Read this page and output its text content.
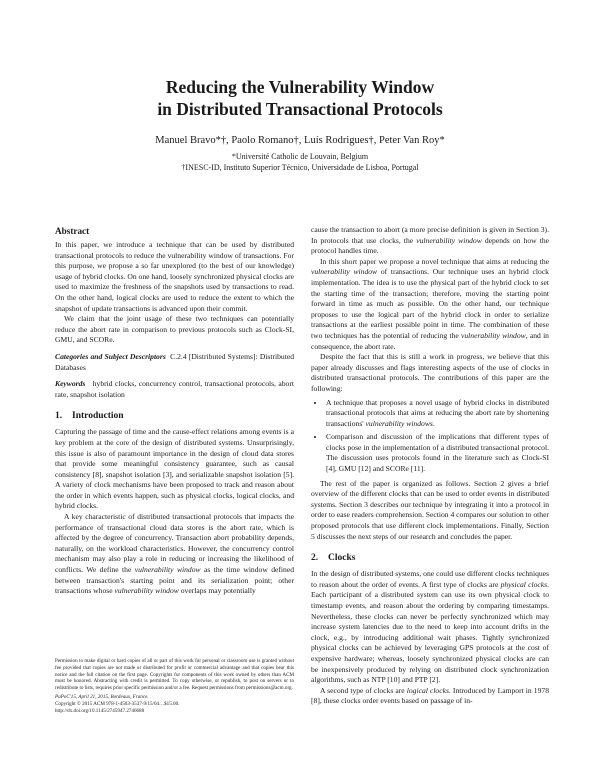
Reducing the Vulnerability Window
in Distributed Transactional Protocols
Manuel Bravo*†, Paolo Romano†, Luís Rodrigues†, Peter Van Roy*
*Université Catholic de Louvain, Belgium
†INESC-ID, Instituto Superior Técnico, Universidade de Lisboa, Portugal
Abstract

In this paper, we introduce a technique that can be used by distributed transactional protocols to reduce the vulnerability window of transactions. For this purpose, we propose a so far unexplored (to the best of our knowledge) usage of hybrid clocks. On one hand, loosely synchronized physical clocks are used to maximize the freshness of the snapshots used by transactions to read. On the other hand, logical clocks are used to reduce the extent to which the snapshot of update transactions is advanced upon their commit.

We claim that the joint usage of these two techniques can potentially reduce the abort rate in comparison to previous protocols such as Clock-SI, GMU, and SCORe.

Categories and Subject Descriptors C.2.4 [Distributed Systems]: Distributed Databases

Keywords hybrid clocks, concurrency control, transactional protocols, abort rate, snapshot isolation

1. Introduction

Capturing the passage of time and the cause-effect relations among events is a key problem at the core of the design of distributed systems. Unsurprisingly, this issue is also of paramount importance in the design of cloud data stores that provide some meaningful consistency guarantee, such as causal consistency [8], snapshot isolation [3], and serializable snapshot isolation [5]. A variety of clock mechanisms have been proposed to track and reason about the order in which events happen, such as physical clocks, logical clocks, and hybrid clocks.

A key characteristic of distributed transactional protocols that impacts the performance of transactional cloud data stores is the abort rate, which is affected by the degree of concurrency. Transaction abort probability depends, naturally, on the workload characteristics. However, the concurrency control mechanism may also play a role in reducing or increasing the likelihood of conflicts. We define the vulnerability window as the time window defined between transaction's starting point and its serialization point; other transactions whose vulnerability window overlaps may potentially

Permission to make digital or hard copies of all or part of this work for personal or classroom use is granted without fee provided that copies are not made or distributed for profit or commercial advantage and that copies bear this notice and the full citation on the first page. Copyrights for components of this work owned by others than ACM must be honored. Abstracting with credit is permitted. To copy otherwise, or republish, to post on servers or to redistribute to lists, requires prior specific permission and/or a fee. Request permissions from permissions@acm.org.

PaPoC'15, April 21, 2015, Bordeaux, France.

Copyright © 2015 ACM 978-1-4503-3537-9/15/04…$15.00.

http://dx.doi.org/10.1145/2745947.2746688

cause the transaction to abort (a more precise definition is given in Section 3). In protocols that use clocks, the vulnerability window depends on how the protocol handles time.

In this short paper we propose a novel technique that aims at reducing the vulnerability window of transactions. Our technique uses an hybrid clock implementation. The idea is to use the physical part of the hybrid clock to set the starting time of the transaction; therefore, moving the starting point forward in time as much as possible. On the other hand, our technique proposes to use the logical part of the hybrid clock in order to serialize transactions at the earliest possible point in time. The combination of these two techniques has the potential of reducing the vulnerability window, and in consequence, the abort rate.

Despite the fact that this is still a work in progress, we believe that this paper already discusses and flags interesting aspects of the use of clocks in distributed transactional protocols. The contributions of this paper are the following:

• A technique that proposes a novel usage of hybrid clocks in distributed transactional protocols that aims at reducing the abort rate by shortening transactions' vulnerability windows.
• Comparison and discussion of the implications that different types of clocks pose in the implementation of a distributed transactional protocol. The discussion uses protocols found in the literature such as Clock-SI [4], GMU [12] and SCORe [11].

The rest of the paper is organized as follows. Section 2 gives a brief overview of the different clocks that can be used to order events in distributed systems. Section 3 describes our technique by integrating it into a protocol in order to ease readers comprehension. Section 4 compares our solution to other proposed protocols that use different clock implementations. Finally, Section 5 discusses the next steps of our research and concludes the paper.

2. Clocks

In the design of distributed systems, one could use different clocks techniques to reason about the order of events. A first type of clocks are physical clocks. Each participant of a distributed system can use its own physical clock to timestamp events, and reason about the ordering by comparing timestamps. Nevertheless, these clocks can never be perfectly synchronized which may increase system latencies due to the need to keep into account drifts in the clock, e.g., by introducing additional wait phases. Tightly synchronized physical clocks can be achieved by leveraging GPS protocols at the cost of expensive hardware; whereas, loosely synchronized physical clocks are can be inexpensively produced by relying on distributed clock synchronization algorithms, such as NTP [10] and PTP [2].

A second type of clocks are logical clocks. Introduced by Lamport in 1978 [8], these clocks order events based on passage of in-
